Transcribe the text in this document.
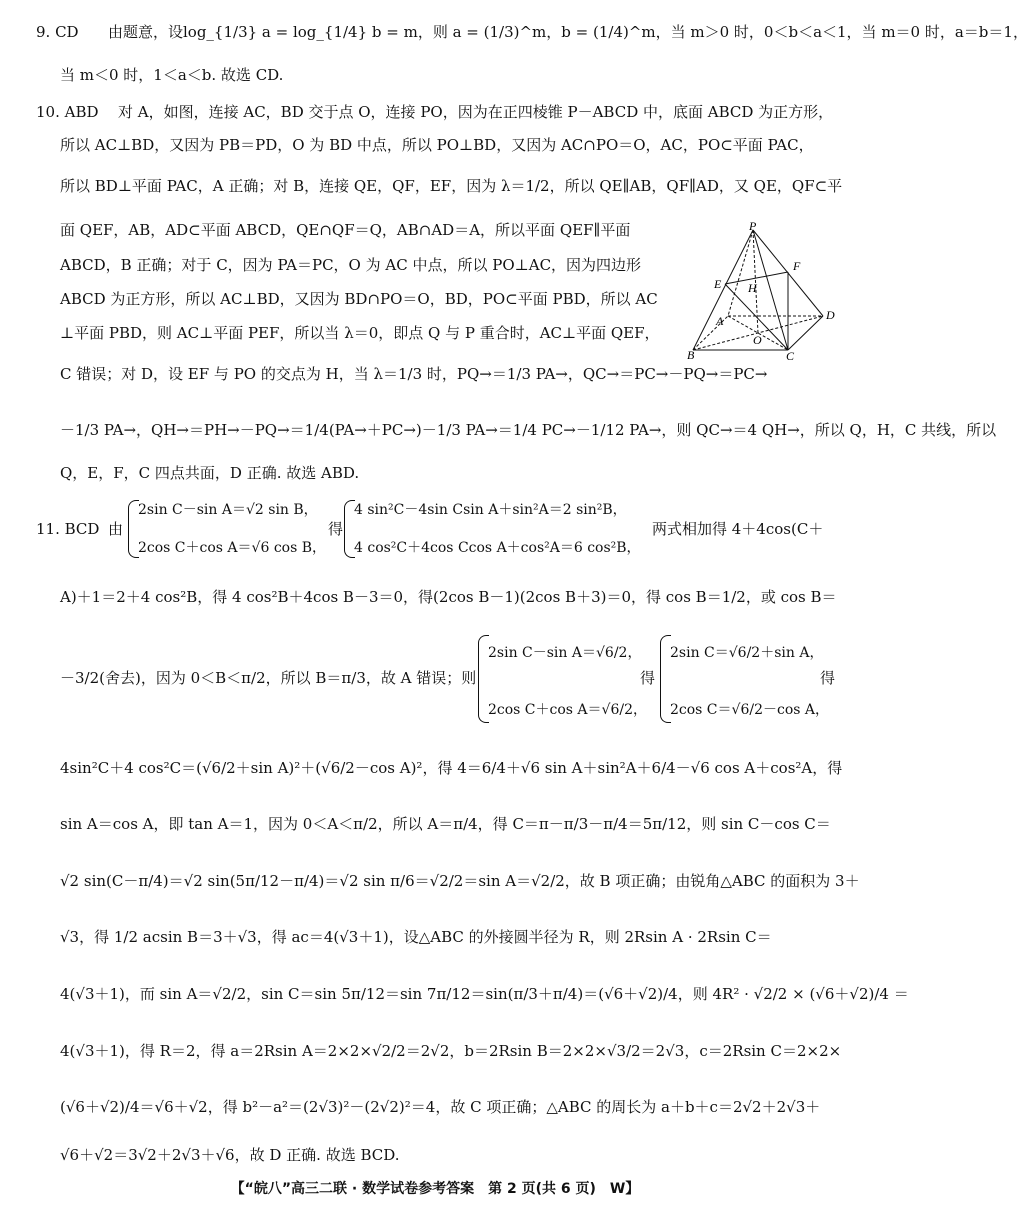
9. CD 由题意，设log_{1/3} a = log_{1/4} b = m，则 a = (1/3)^m，b = (1/4)^m，当 m＞0 时，0＜b＜a＜1，当 m＝0 时，a＝b＝1，
当 m＜0 时，1＜a＜b. 故选 CD.
10. ABD 对 A，如图，连接 AC，BD 交于点 O，连接 PO，因为在正四棱锥 P－ABCD 中，底面 ABCD 为正方形，
所以 AC⊥BD，又因为 PB＝PD，O 为 BD 中点，所以 PO⊥BD，又因为 AC∩PO＝O，AC，PO⊂平面 PAC，
所以 BD⊥平面 PAC，A 正确；对 B，连接 QE，QF，EF，因为 λ＝1/2，所以 QE∥AB，QF∥AD，又 QE，QF⊂平
面 QEF，AB，AD⊂平面 ABCD，QE∩QF＝Q，AB∩AD＝A，所以平面 QEF∥平面
ABCD，B 正确；对于 C，因为 PA＝PC，O 为 AC 中点，所以 PO⊥AC，因为四边形
ABCD 为正方形，所以 AC⊥BD，又因为 BD∩PO＝O，BD，PO⊂平面 PBD，所以 AC
⊥平面 PBD，则 AC⊥平面 PEF，所以当 λ＝0，即点 Q 与 P 重合时，AC⊥平面 QEF，
C 错误；对 D，设 EF 与 PO 的交点为 H，当 λ＝1/3 时，PQ→＝1/3 PA→，QC→＝PC→－PQ→＝PC→
－1/3 PA→，QH→＝PH→－PQ→＝1/4(PA→＋PC→)－1/3 PA→＝1/4 PC→－1/12 PA→，则 QC→＝4 QH→，所以 Q，H，C 共线，所以
Q，E，F，C 四点共面，D 正确. 故选 ABD.
P
F
E H
A	D
O
B	C
11. BCD 由
2sin C－sin A＝√2 sin B，
2cos C＋cos A＝√6 cos B，
得
4 sin²C－4sin Csin A＋sin²A＝2 sin²B，
4 cos²C＋4cos Ccos A＋cos²A＝6 cos²B，
两式相加得 4＋4cos(C＋
A)＋1＝2＋4 cos²B，得 4 cos²B＋4cos B－3＝0，得(2cos B－1)(2cos B＋3)＝0，得 cos B＝1/2，或 cos B＝
－3/2(舍去)，因为 0＜B＜π/2，所以 B＝π/3，故 A 错误；则
2sin C－sin A＝√6/2，
2cos C＋cos A＝√6/2，
得
2sin C＝√6/2＋sin A，
2cos C＝√6/2－cos A，
得
4sin²C＋4 cos²C＝(√6/2＋sin A)²＋(√6/2－cos A)²，得 4＝6/4＋√6 sin A＋sin²A＋6/4－√6 cos A＋cos²A，得
sin A＝cos A，即 tan A＝1，因为 0＜A＜π/2，所以 A＝π/4，得 C＝π－π/3－π/4＝5π/12，则 sin C－cos C＝
√2 sin(C－π/4)＝√2 sin(5π/12－π/4)＝√2 sin π/6＝√2/2＝sin A＝√2/2，故 B 项正确；由锐角△ABC 的面积为 3＋
√3，得 1/2 acsin B＝3＋√3，得 ac＝4(√3＋1)，设△ABC 的外接圆半径为 R，则 2Rsin A · 2Rsin C＝
4(√3＋1)，而 sin A＝√2/2，sin C＝sin 5π/12＝sin 7π/12＝sin(π/3＋π/4)＝(√6＋√2)/4，则 4R² · √2/2 × (√6＋√2)/4 ＝
4(√3＋1)，得 R＝2，得 a＝2Rsin A＝2×2×√2/2＝2√2，b＝2Rsin B＝2×2×√3/2＝2√3，c＝2Rsin C＝2×2×
(√6＋√2)/4＝√6＋√2，得 b²－a²＝(2√3)²－(2√2)²＝4，故 C 项正确；△ABC 的周长为 a＋b＋c＝2√2＋2√3＋
√6＋√2＝3√2＋2√3＋√6，故 D 正确. 故选 BCD.
【“皖八”高三二联 · 数学试卷参考答案　第 2 页(共 6 页)　W】
